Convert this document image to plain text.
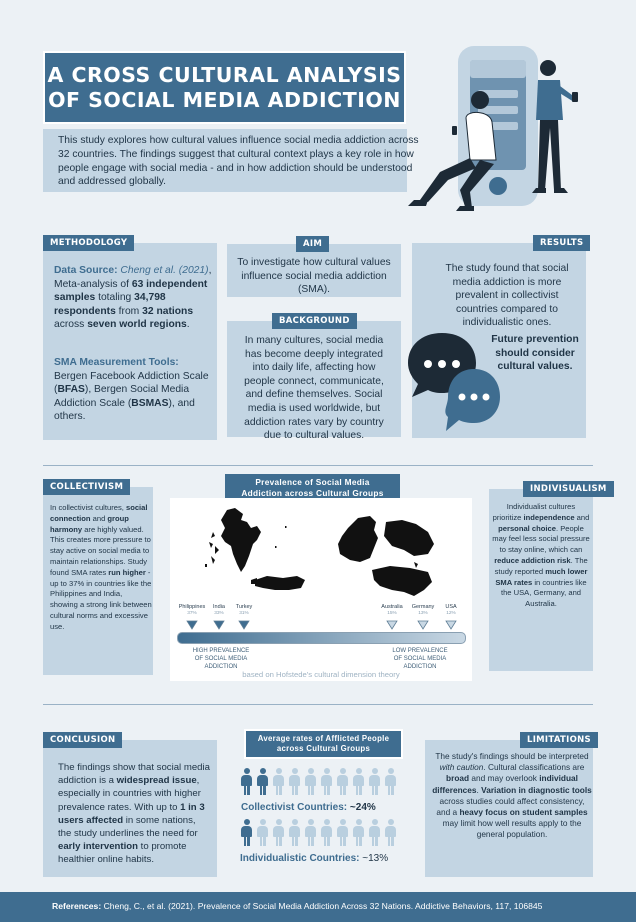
A CROSS CULTURAL ANALYSIS
OF SOCIAL MEDIA ADDICTION
This study explores how cultural values influence social media addiction across 32 countries. The findings suggest that cultural context plays a key role in how people engage with social media - and in how addiction should be understood and addressed globally.
METHODOLOGY
Data Source: Cheng et al. (2021), Meta-analysis of 63 independent samples totaling 34,798 respondents from 32 nations across seven world regions.
SMA Measurement Tools:
Bergen Facebook Addiction Scale (BFAS), Bergen Social Media Addiction Scale (BSMAS), and others.
AIM
To investigate how cultural values influence social media addiction (SMA).
BACKGROUND
In many cultures, social media has become deeply integrated into daily life, affecting how people connect, communicate, and define themselves. Social media is used worldwide, but addiction rates vary by country due to cultural values.
RESULTS
The study found that social media addiction is more prevalent in collectivist countries compared to individualistic ones.
Future prevention should consider cultural values.
COLLECTIVISM
In collectivist cultures, social connection and group harmony are highly valued. This creates more pressure to stay active on social media to maintain relationships. Study found SMA rates run higher - up to 37% in countries like the Philippines and India, showing a strong link between cultural norms and excessive use.
Prevalence of Social Media
Addiction across Cultural Groups
Philippines
37%
India
33%
Turkey
31%
Australia
15%
Germany
13%
USA
12%
HIGH PREVALENCE
OF SOCIAL MEDIA ADDICTION
LOW PREVALENCE
OF SOCIAL MEDIA ADDICTION
based on Hofstede's cultural dimension theory
INDIVISUALISM
Individualist cultures prioritize independence and personal choice. People may feel less social pressure to stay online, which can reduce addiction risk. The study reported much lower SMA rates in countries like the USA, Germany, and Australia.
CONCLUSION
The findings show that social media addiction is a widespread issue, especially in countries with higher prevalence rates. With up to 1 in 3 users affected in some nations, the study underlines the need for early intervention to promote healthier online habits.
Average rates of Afflicted People
across Cultural Groups
Collectivist Countries: ~24%
Individualistic Countries: ~13%
LIMITATIONS
The study's findings should be interpreted with caution. Cultural classifications are broad and may overlook individual differences. Variation in diagnostic tools across studies could affect consistency, and a heavy focus on student samples may limit how well results apply to the general population.
References: Cheng, C., et al. (2021). Prevalence of Social Media Addiction Across 32 Nations. Addictive Behaviors, 117, 106845
